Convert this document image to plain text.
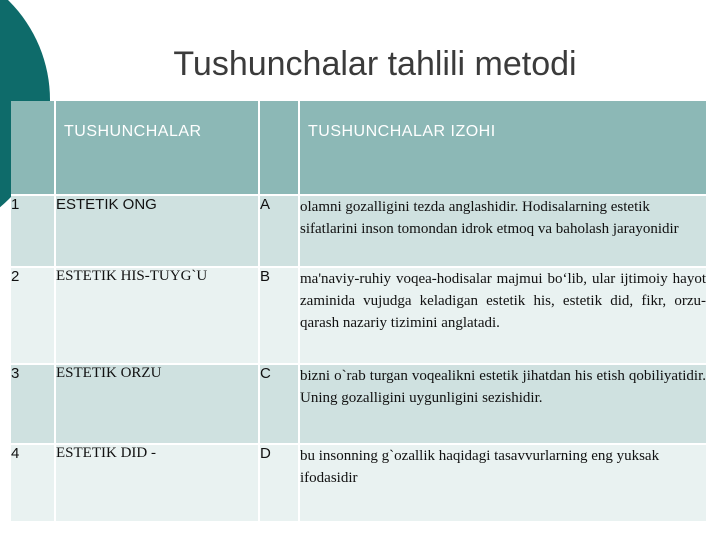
Tushunchalar tahlili metodi
	TUSHUNCHALAR		TUSHUNCHALAR IZOHI
1	ESTETIK ONG	A	olamni gozalligini tezda anglashidir. Hodisalarning estetik sifatlarini inson tomondan idrok etmoq va baholash jarayonidir
2	ESTETIK HIS-TUYG`U	B	ma'naviy-ruhiy voqea-hodisalar majmui bo‘lib, ular ijtimoiy hayot zaminida vujudga keladigan estetik his, estetik did, fikr, orzu-qarash nazariy tizimini anglatadi.
3	ESTETIK ORZU	C	bizni o`rab turgan voqealikni estetik jihatdan his etish qobiliyatidir. Uning gozalligini uygunligini sezishidir.
4	ESTETIK DID -	D	bu insonning g`ozallik haqidagi tasavvurlarning eng yuksak ifodasidir
